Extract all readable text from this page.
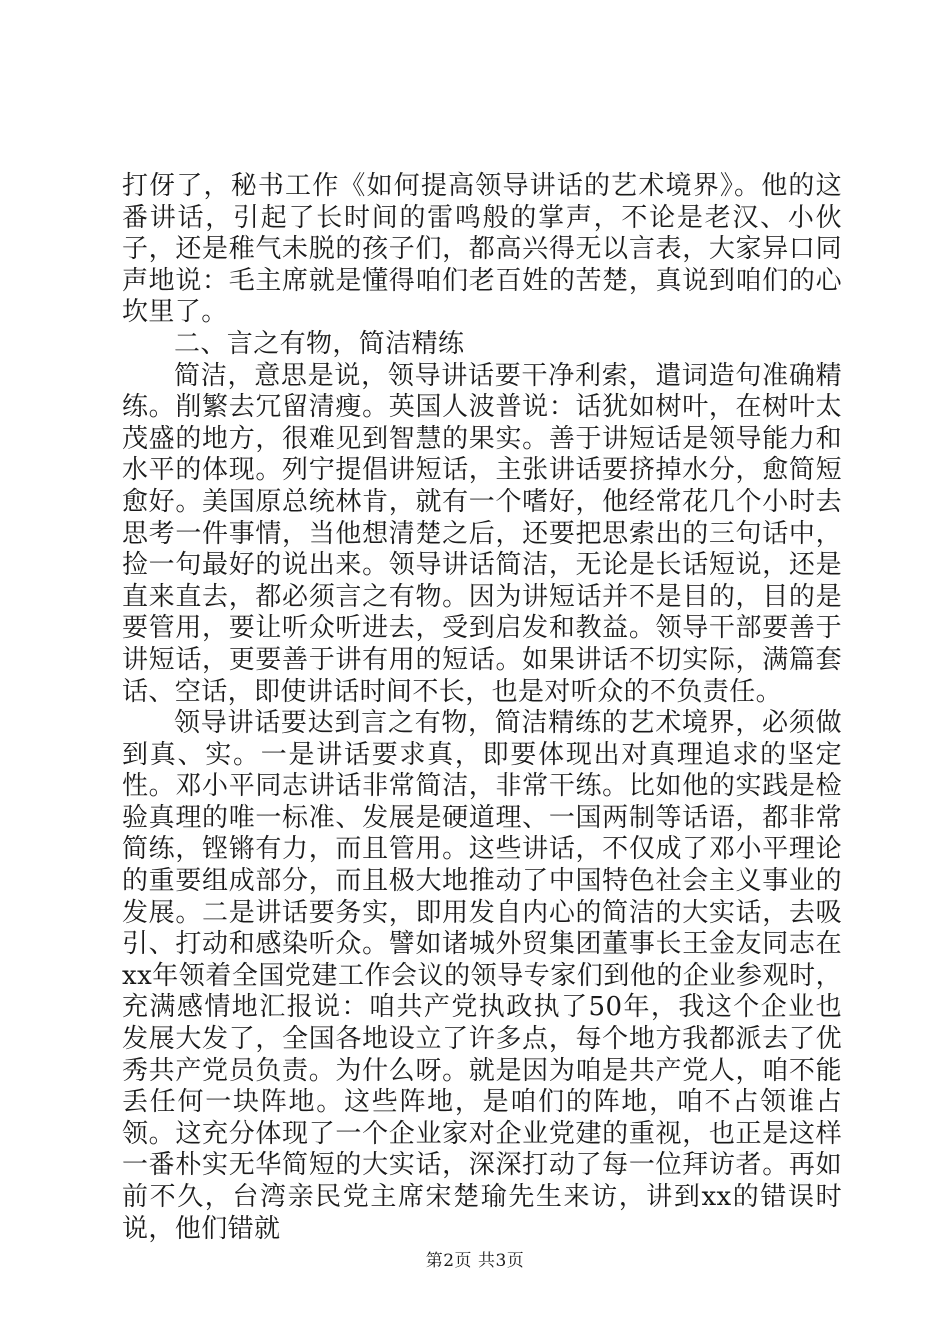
打伢了，秘书工作《如何提高领导讲话的艺术境界》。他的这番讲话，引起了长时间的雷鸣般的掌声，不论是老汉、小伙子，还是稚气未脱的孩子们，都高兴得无以言表，大家异口同声地说：毛主席就是懂得咱们老百姓的苦楚，真说到咱们的心坎里了。

二、言之有物，简洁精练

简洁，意思是说，领导讲话要干净利索，遣词造句准确精练。削繁去冗留清瘦。英国人波普说：话犹如树叶，在树叶太茂盛的地方，很难见到智慧的果实。善于讲短话是领导能力和水平的体现。列宁提倡讲短话，主张讲话要挤掉水分，愈简短愈好。美国原总统林肯，就有一个嗜好，他经常花几个小时去思考一件事情，当他想清楚之后，还要把思索出的三句话中，捡一句最好的说出来。领导讲话简洁，无论是长话短说，还是直来直去，都必须言之有物。因为讲短话并不是目的，目的是要管用，要让听众听进去，受到启发和教益。领导干部要善于讲短话，更要善于讲有用的短话。如果讲话不切实际，满篇套话、空话，即使讲话时间不长，也是对听众的不负责任。

领导讲话要达到言之有物，简洁精练的艺术境界，必须做到真、实。一是讲话要求真，即要体现出对真理追求的坚定性。邓小平同志讲话非常简洁，非常干练。比如他的实践是检验真理的唯一标准、发展是硬道理、一国两制等话语，都非常简练，铿锵有力，而且管用。这些讲话，不仅成了邓小平理论的重要组成部分，而且极大地推动了中国特色社会主义事业的发展。二是讲话要务实，即用发自内心的简洁的大实话，去吸引、打动和感染听众。譬如诸城外贸集团董事长王金友同志在xx年领着全国党建工作会议的领导专家们到他的企业参观时，充满感情地汇报说：咱共产党执政执了50年，我这个企业也发展大发了，全国各地设立了许多点，每个地方我都派去了优秀共产党员负责。为什么呀。就是因为咱是共产党人，咱不能丢任何一块阵地。这些阵地，是咱们的阵地，咱不占领谁占领。这充分体现了一个企业家对企业党建的重视，也正是这样一番朴实无华简短的大实话，深深打动了每一位拜访者。再如前不久，台湾亲民党主席宋楚瑜先生来访，讲到xx的错误时说，他们错就

第2页 共3页
